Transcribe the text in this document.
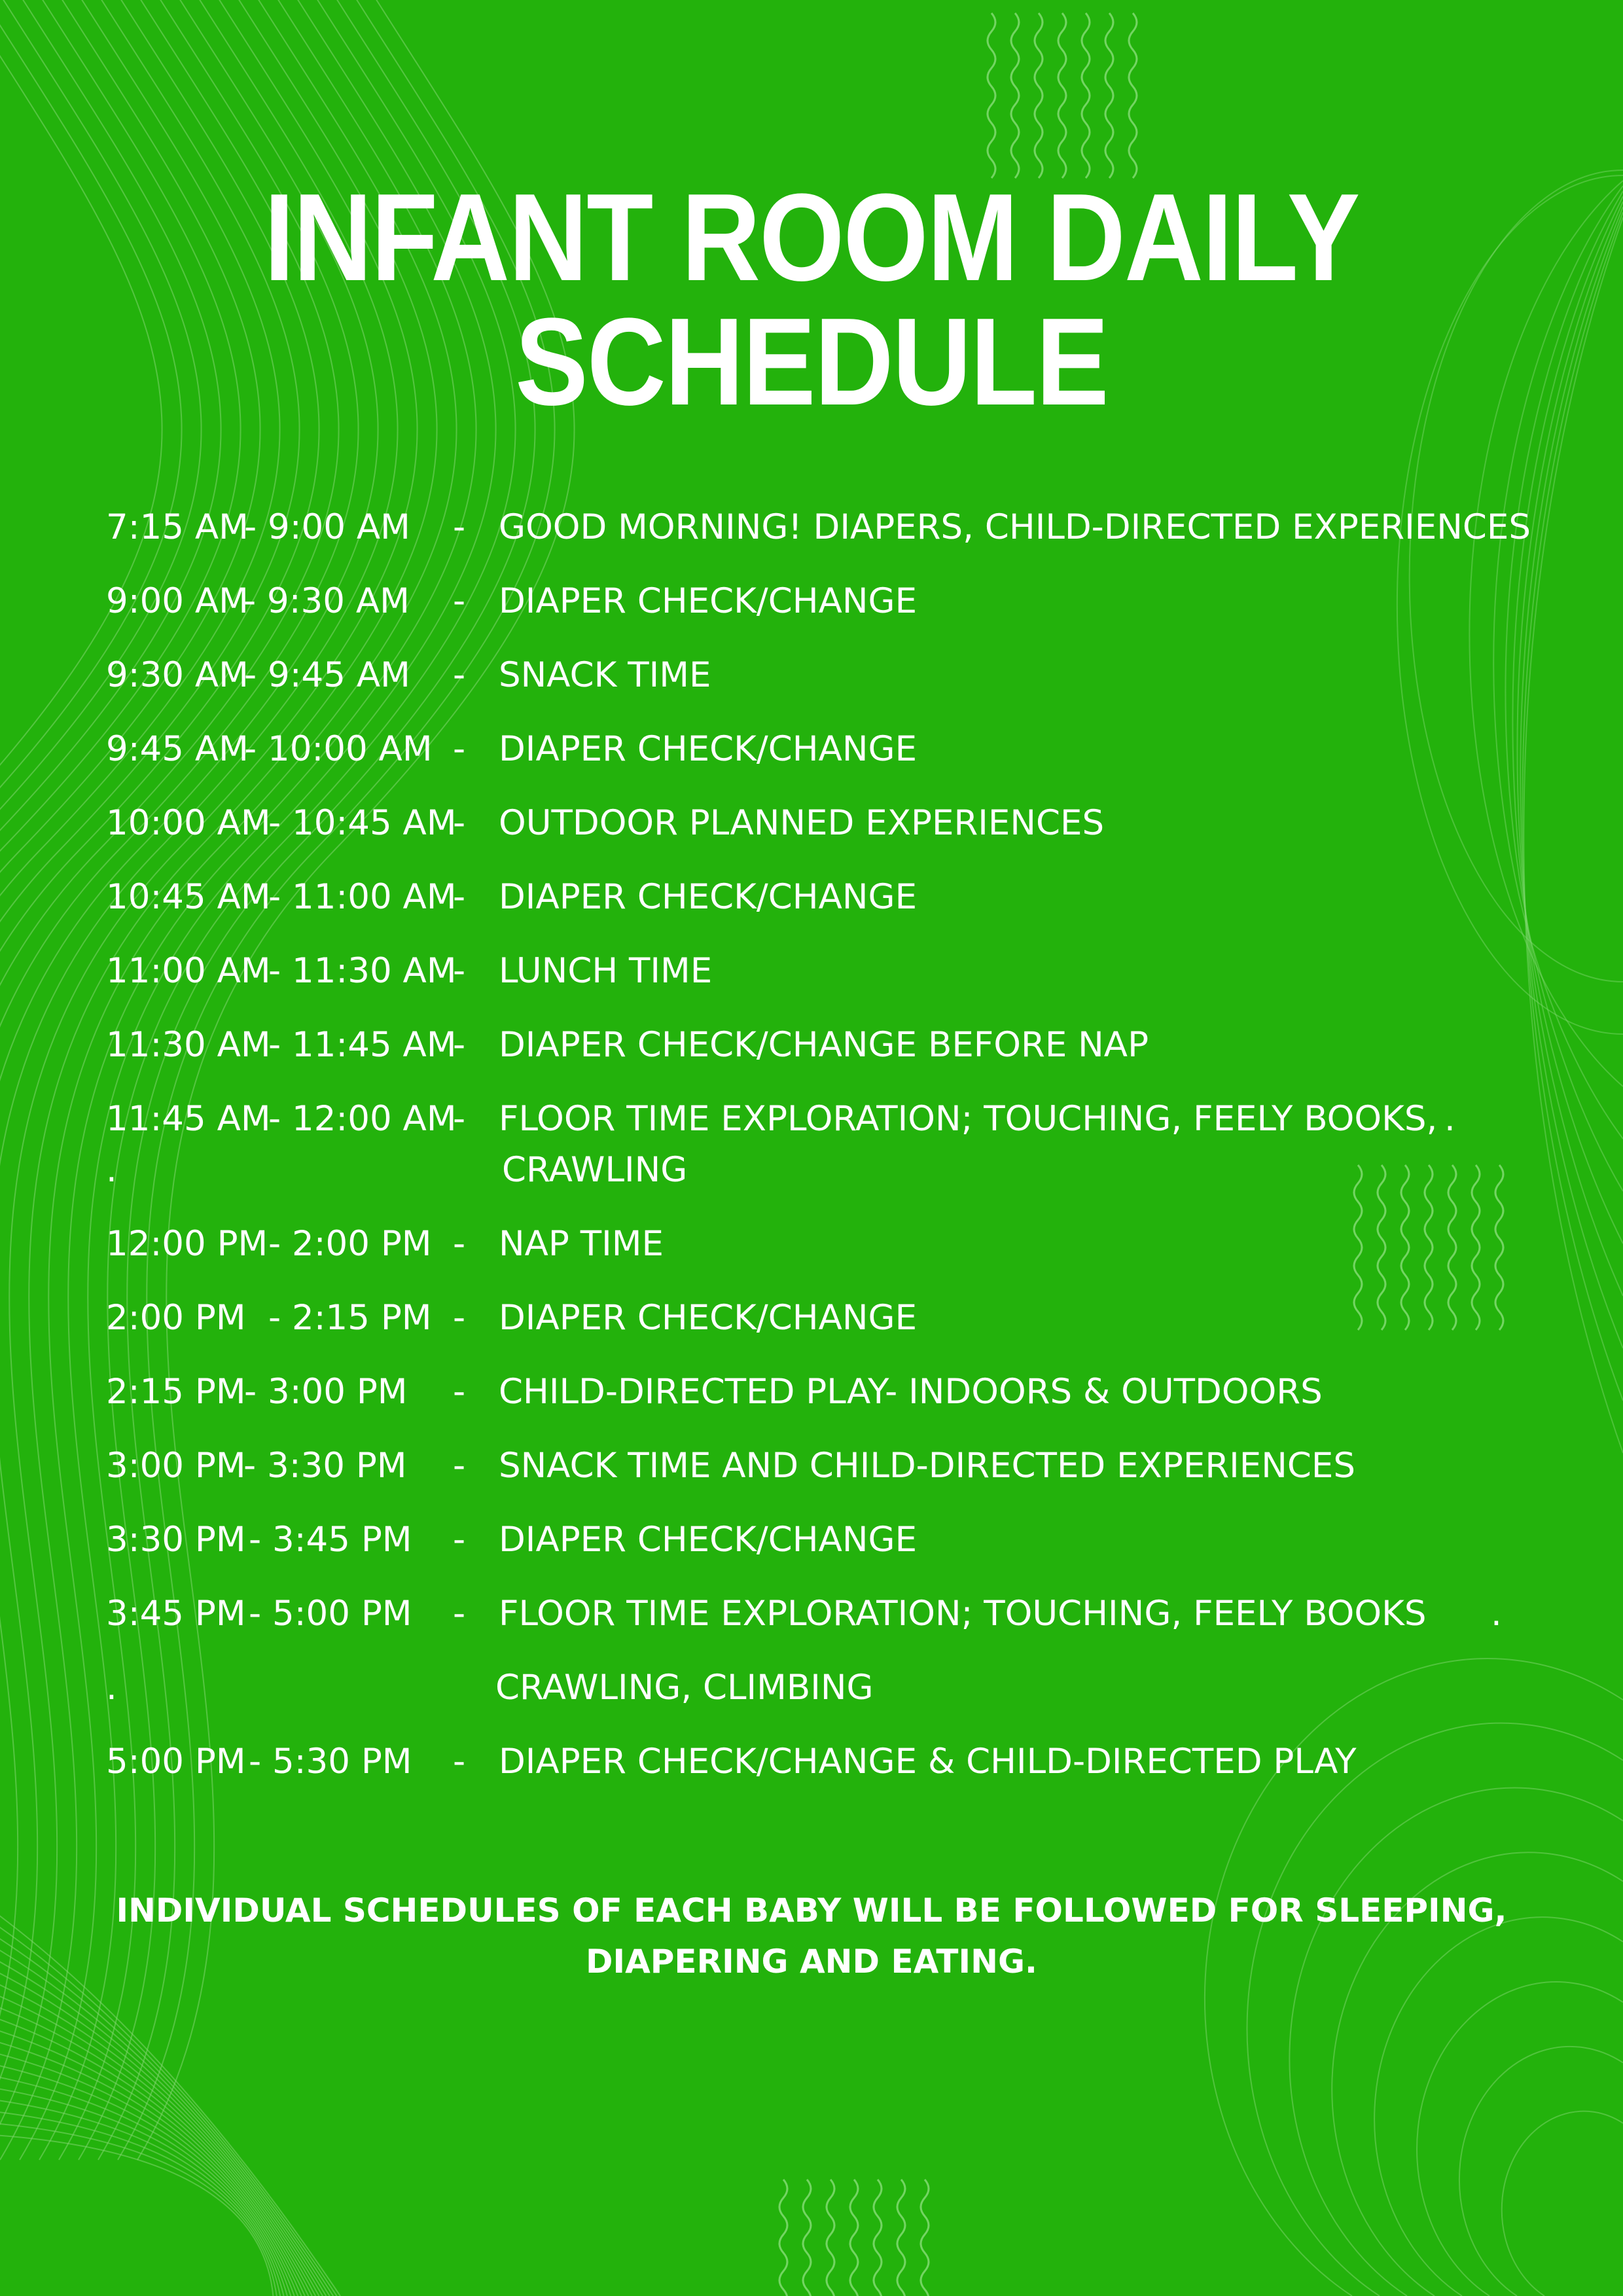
INFANT ROOM DAILY SCHEDULE
7:15 AM
- 9:00 AM - GOOD MORNING! DIAPERS, CHILD-DIRECTED EXPERIENCES
9:00 AM
- 9:30 AM - DIAPER CHECK/CHANGE
9:30 AM
- 9:45 AM - SNACK TIME
9:45 AM
- 10:00 AM - DIAPER CHECK/CHANGE
10:00 AM
- 10:45 AM
- OUTDOOR PLANNED EXPERIENCES
10:45 AM
- 11:00 AM
- DIAPER CHECK/CHANGE
11:00 AM
- 11:30 AM
- LUNCH TIME
11:30 AM
- 11:45 AM
- DIAPER CHECK/CHANGE BEFORE NAP
11:45 AM
- 12:00 AM
- FLOOR TIME EXPLORATION; TOUCHING, FEELY BOOKS, .
.	CRAWLING
12:00 PM - 2:00 PM - NAP TIME
2:00 PM - 2:15 PM - DIAPER CHECK/CHANGE
2:15 PM
- 3:00 PM - CHILD-DIRECTED PLAY- INDOORS & OUTDOORS
3:00 PM
- 3:30 PM - SNACK TIME AND CHILD-DIRECTED EXPERIENCES
3:30 PM - 3:45 PM - DIAPER CHECK/CHANGE
3:45 PM - 5:00 PM - FLOOR TIME EXPLORATION; TOUCHING, FEELY BOOKS .
.	CRAWLING, CLIMBING
5:00 PM - 5:30 PM - DIAPER CHECK/CHANGE & CHILD-DIRECTED PLAY
INDIVIDUAL SCHEDULES OF EACH BABY WILL BE FOLLOWED FOR SLEEPING,
DIAPERING AND EATING.
